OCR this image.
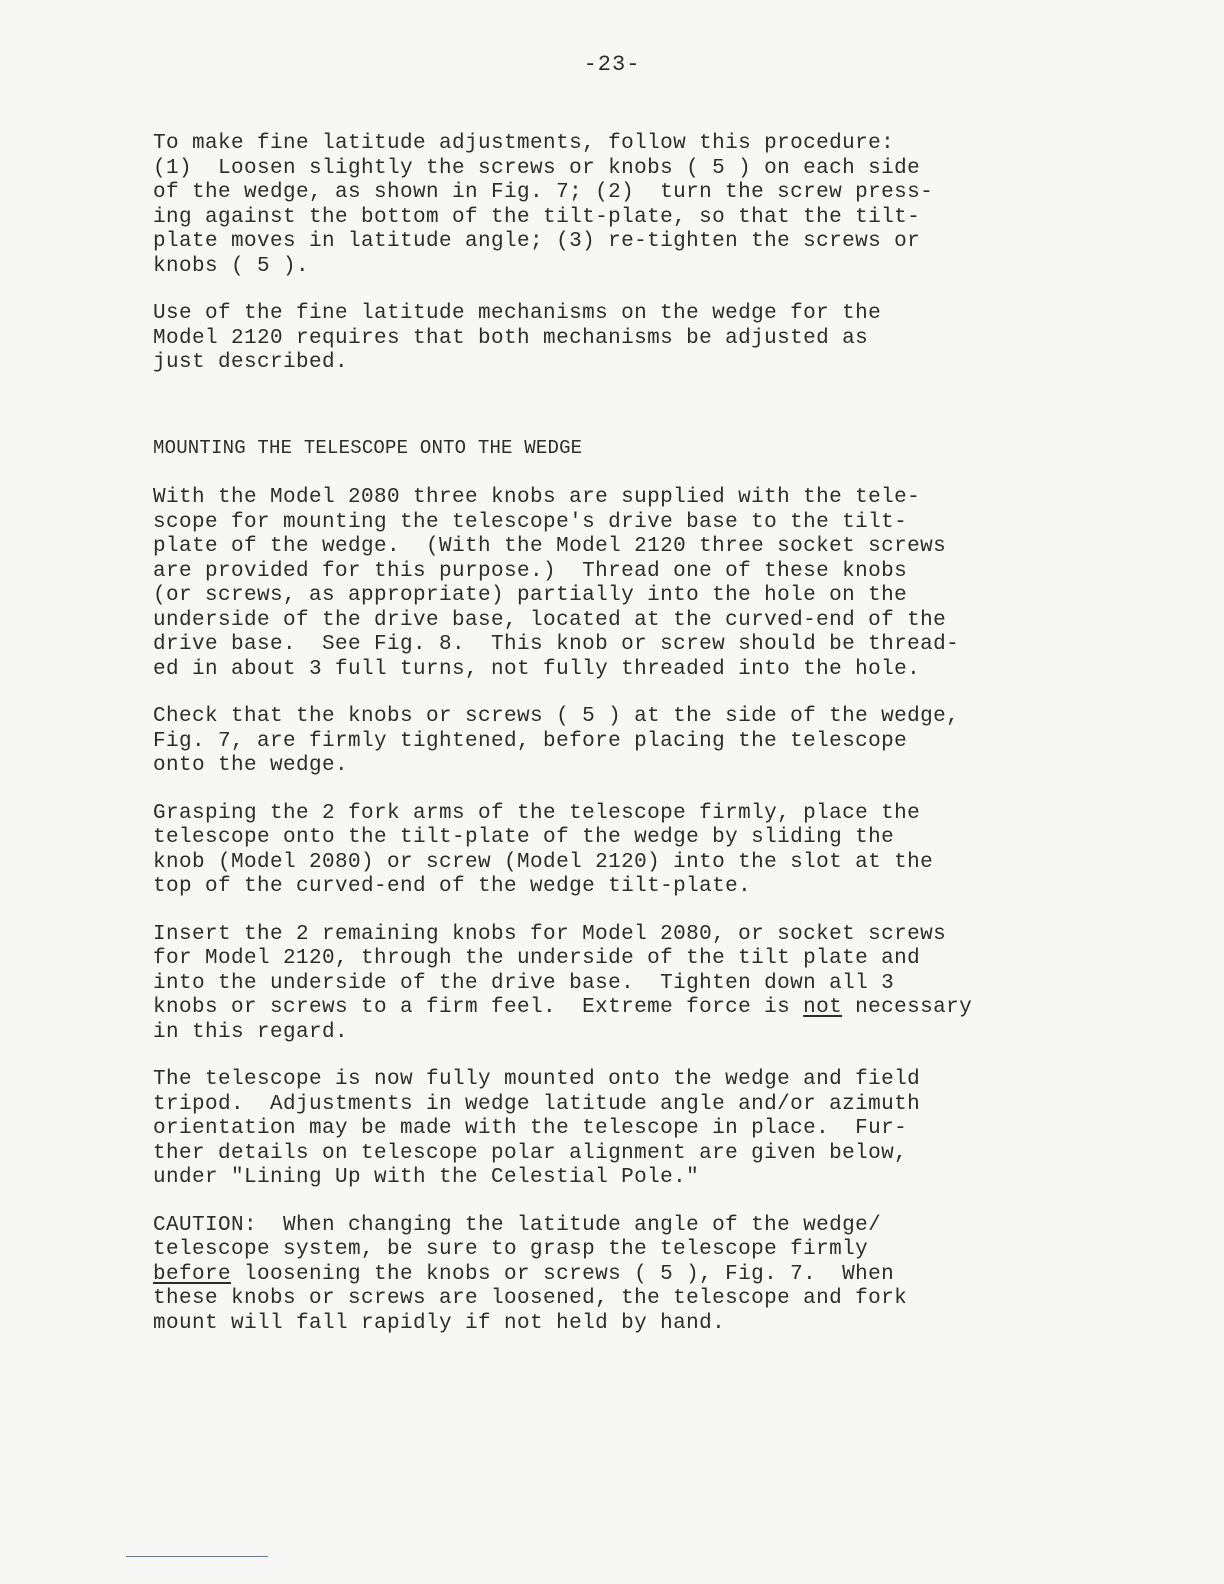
-23-
To make fine latitude adjustments, follow this procedure:
(1)  Loosen slightly the screws or knobs ( 5 ) on each side
of the wedge, as shown in Fig. 7; (2)  turn the screw press-
ing against the bottom of the tilt-plate, so that the tilt-
plate moves in latitude angle; (3) re-tighten the screws or
knobs ( 5 ).
Use of the fine latitude mechanisms on the wedge for the
Model 2120 requires that both mechanisms be adjusted as
just described.
MOUNTING THE TELESCOPE ONTO THE WEDGE
With the Model 2080 three knobs are supplied with the tele-
scope for mounting the telescope's drive base to the tilt-
plate of the wedge.  (With the Model 2120 three socket screws
are provided for this purpose.)  Thread one of these knobs
(or screws, as appropriate) partially into the hole on the
underside of the drive base, located at the curved-end of the
drive base.  See Fig. 8.  This knob or screw should be thread-
ed in about 3 full turns, not fully threaded into the hole.
Check that the knobs or screws ( 5 ) at the side of the wedge,
Fig. 7, are firmly tightened, before placing the telescope
onto the wedge.
Grasping the 2 fork arms of the telescope firmly, place the
telescope onto the tilt-plate of the wedge by sliding the
knob (Model 2080) or screw (Model 2120) into the slot at the
top of the curved-end of the wedge tilt-plate.
Insert the 2 remaining knobs for Model 2080, or socket screws
for Model 2120, through the underside of the tilt plate and
into the underside of the drive base.  Tighten down all 3
knobs or screws to a firm feel.  Extreme force is not necessary
in this regard.
The telescope is now fully mounted onto the wedge and field
tripod.  Adjustments in wedge latitude angle and/or azimuth
orientation may be made with the telescope in place.  Fur-
ther details on telescope polar alignment are given below,
under "Lining Up with the Celestial Pole."
CAUTION:  When changing the latitude angle of the wedge/
telescope system, be sure to grasp the telescope firmly
before loosening the knobs or screws ( 5 ), Fig. 7.  When
these knobs or screws are loosened, the telescope and fork
mount will fall rapidly if not held by hand.
